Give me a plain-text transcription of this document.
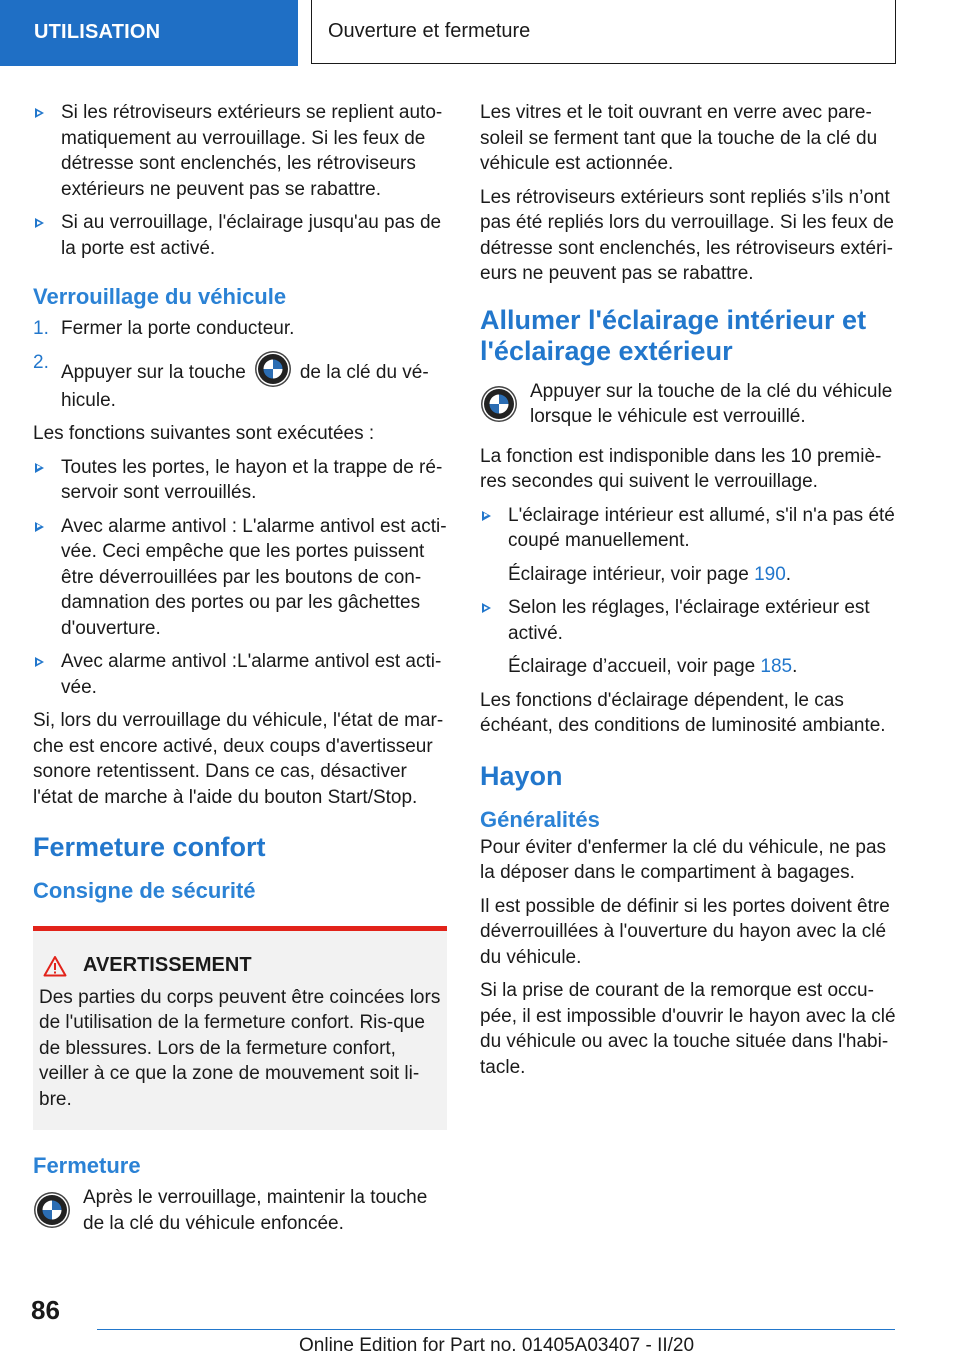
UTILISATION	Ouverture et fermeture
Si les rétroviseurs extérieurs se replient auto‐matiquement au verrouillage. Si les feux de détresse sont enclenchés, les rétroviseurs extérieurs ne peuvent pas se rabattre.
Si au verrouillage, l'éclairage jusqu'au pas de la porte est activé.
Verrouillage du véhicule
1. Fermer la porte conducteur.
2. Appuyer sur la touche	de la clé du vé‐hicule.

Les fonctions suivantes sont exécutées :

Toutes les portes, le hayon et la trappe de ré‐servoir sont verrouillés.
Avec alarme antivol : L'alarme antivol est acti‐vée. Ceci empêche que les portes puissent être déverrouillées par les boutons de con‐damnation des portes ou par les gâchettes d'ouverture.
Avec alarme antivol :L'alarme antivol est acti‐vée.

Si, lors du verrouillage du véhicule, l'état de mar‐che est encore activé, deux coups d'avertisseur sonore retentissent. Dans ce cas, désactiver l'état de marche à l'aide du bouton Start/Stop.

Fermeture confort
Consigne de sécurité
AVERTISSEMENT
Des parties du corps peuvent être coincées lors de l'utilisation de la fermeture confort. Ris‐que de blessures. Lors de la fermeture confort, veiller à ce que la zone de mouvement soit li‐bre.
Fermeture
Après le verrouillage, maintenir la touche de la clé du véhicule enfoncée.

Les vitres et le toit ouvrant en verre avec pare-soleil se ferment tant que la touche de la clé du véhicule est actionnée.

Les rétroviseurs extérieurs sont repliés s’ils n’ont pas été repliés lors du verrouillage. Si les feux de détresse sont enclenchés, les rétroviseurs extéri‐eurs ne peuvent pas se rabattre.

Allumer l'éclairage intérieur et l'éclairage extérieur
Appuyer sur la touche de la clé du véhicule lorsque le véhicule est verrouillé.

La fonction est indisponible dans les 10 premiè‐res secondes qui suivent le verrouillage.

L'éclairage intérieur est allumé, s'il n'a pas été coupé manuellement.

Éclairage intérieur, voir page 190.

Selon les réglages, l'éclairage extérieur est activé.

Éclairage d’accueil, voir page 185.

Les fonctions d'éclairage dépendent, le cas échéant, des conditions de luminosité ambiante.

Hayon
Généralités

Pour éviter d'enfermer la clé du véhicule, ne pas la déposer dans le compartiment à bagages.

Il est possible de définir si les portes doivent être déverrouillées à l'ouverture du hayon avec la clé du véhicule.

Si la prise de courant de la remorque est occu‐pée, il est impossible d'ouvrir le hayon avec la clé du véhicule ou avec la touche située dans l'habi‐tacle.

86
Online Edition for Part no. 01405A03407 - II/20
